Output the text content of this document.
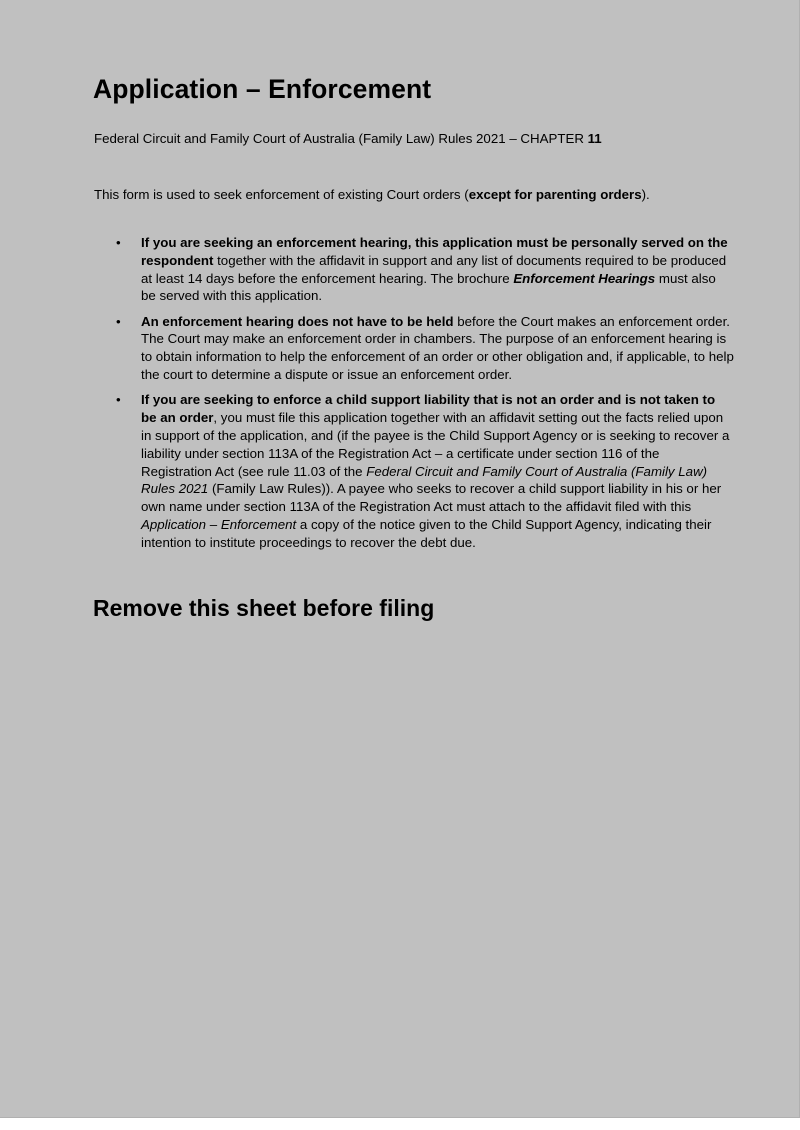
Application – Enforcement

Federal Circuit and Family Court of Australia (Family Law) Rules 2021 – CHAPTER 11

This form is used to seek enforcement of existing Court orders (except for parenting orders).

• If you are seeking an enforcement hearing, this application must be personally served on the respondent together with the affidavit in support and any list of documents required to be produced at least 14 days before the enforcement hearing. The brochure Enforcement Hearings must also be served with this application.
• An enforcement hearing does not have to be held before the Court makes an enforcement order. The Court may make an enforcement order in chambers. The purpose of an enforcement hearing is to obtain information to help the enforcement of an order or other obligation and, if applicable, to help the court to determine a dispute or issue an enforcement order.
• If you are seeking to enforce a child support liability that is not an order and is not taken to be an order, you must file this application together with an affidavit setting out the facts relied upon in support of the application, and (if the payee is the Child Support Agency or is seeking to recover a liability under section 113A of the Registration Act – a certificate under section 116 of the Registration Act (see rule 11.03 of the Federal Circuit and Family Court of Australia (Family Law) Rules 2021 (Family Law Rules)). A payee who seeks to recover a child support liability in his or her own name under section 113A of the Registration Act must attach to the affidavit filed with this Application – Enforcement a copy of the notice given to the Child Support Agency, indicating their intention to institute proceedings to recover the debt due.
Remove this sheet before filing
